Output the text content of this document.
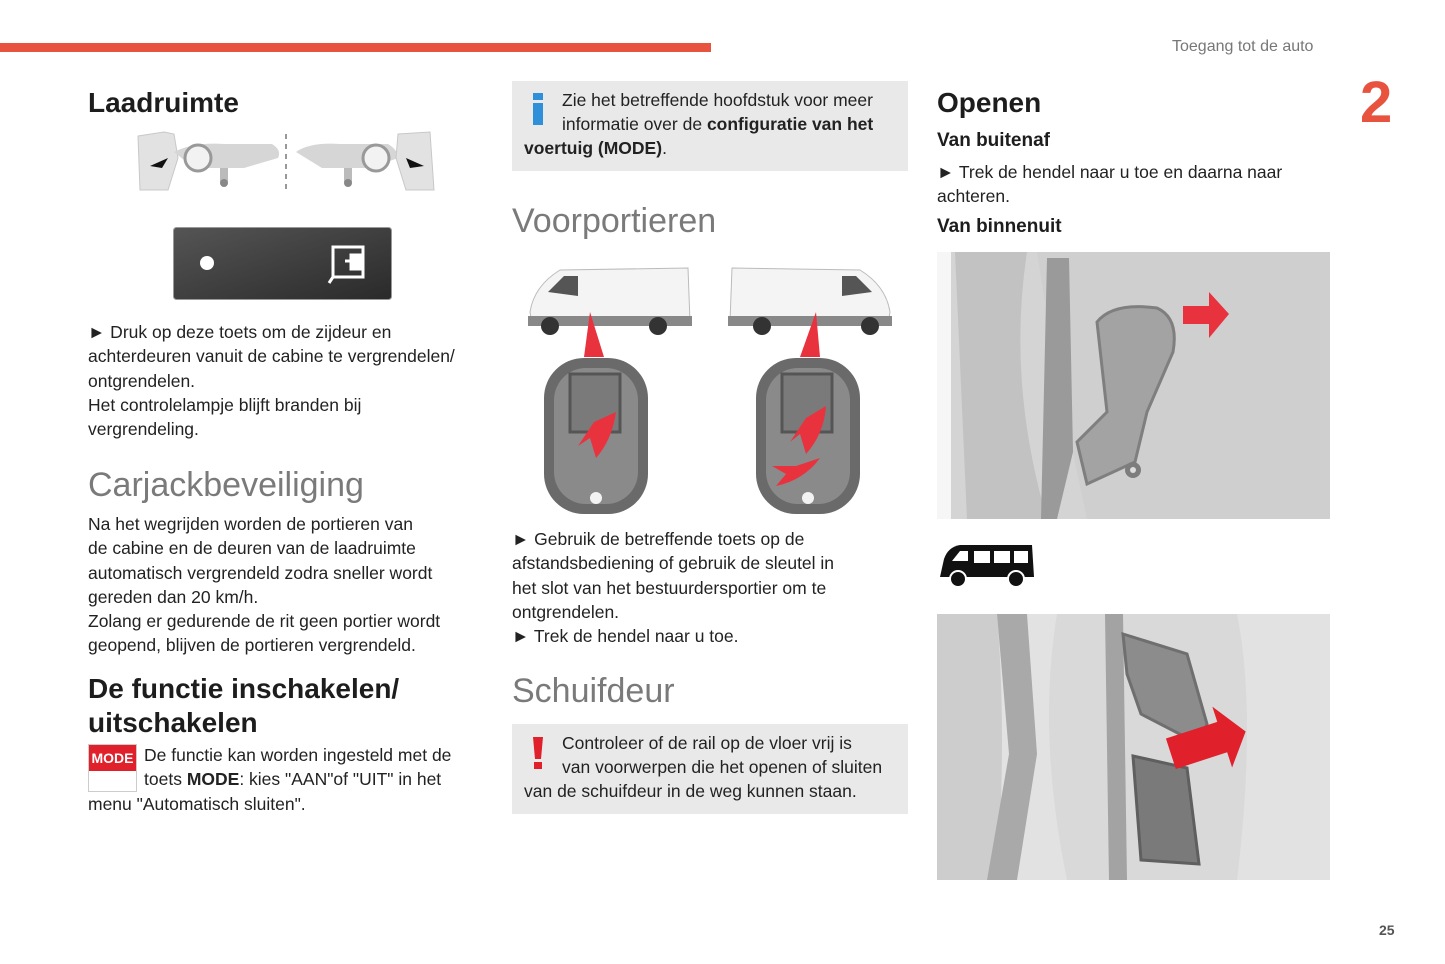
Toegang tot de auto
2
25
Laadruimte
► Druk op deze toets om de zijdeur en
achterdeuren vanuit de cabine te vergrendelen/
ontgrendelen.
Het controlelampje blijft branden bij
vergrendeling.
Carjackbeveiliging
Na het wegrijden worden de portieren van
de cabine en de deuren van de laadruimte
automatisch vergrendeld zodra sneller wordt
gereden dan 20 km/h.
Zolang er gedurende de rit geen portier wordt
geopend, blijven de portieren vergrendeld.
De functie inschakelen/
uitschakelen
MODE De functie kan worden ingesteld met de
toets MODE: kies "AAN"of "UIT" in het
menu "Automatisch sluiten".
Zie het betreffende hoofdstuk voor meer
informatie over de configuratie van het
voertuig (MODE).
Voorportieren
► Gebruik de betreffende toets op de
afstandsbediening of gebruik de sleutel in
het slot van het bestuurdersportier om te
ontgrendelen.
► Trek de hendel naar u toe.
Schuifdeur
Controleer of de rail op de vloer vrij is
van voorwerpen die het openen of sluiten
van de schuifdeur in de weg kunnen staan.
Openen
Van buitenaf
► Trek de hendel naar u toe en daarna naar
achteren.
Van binnenuit
